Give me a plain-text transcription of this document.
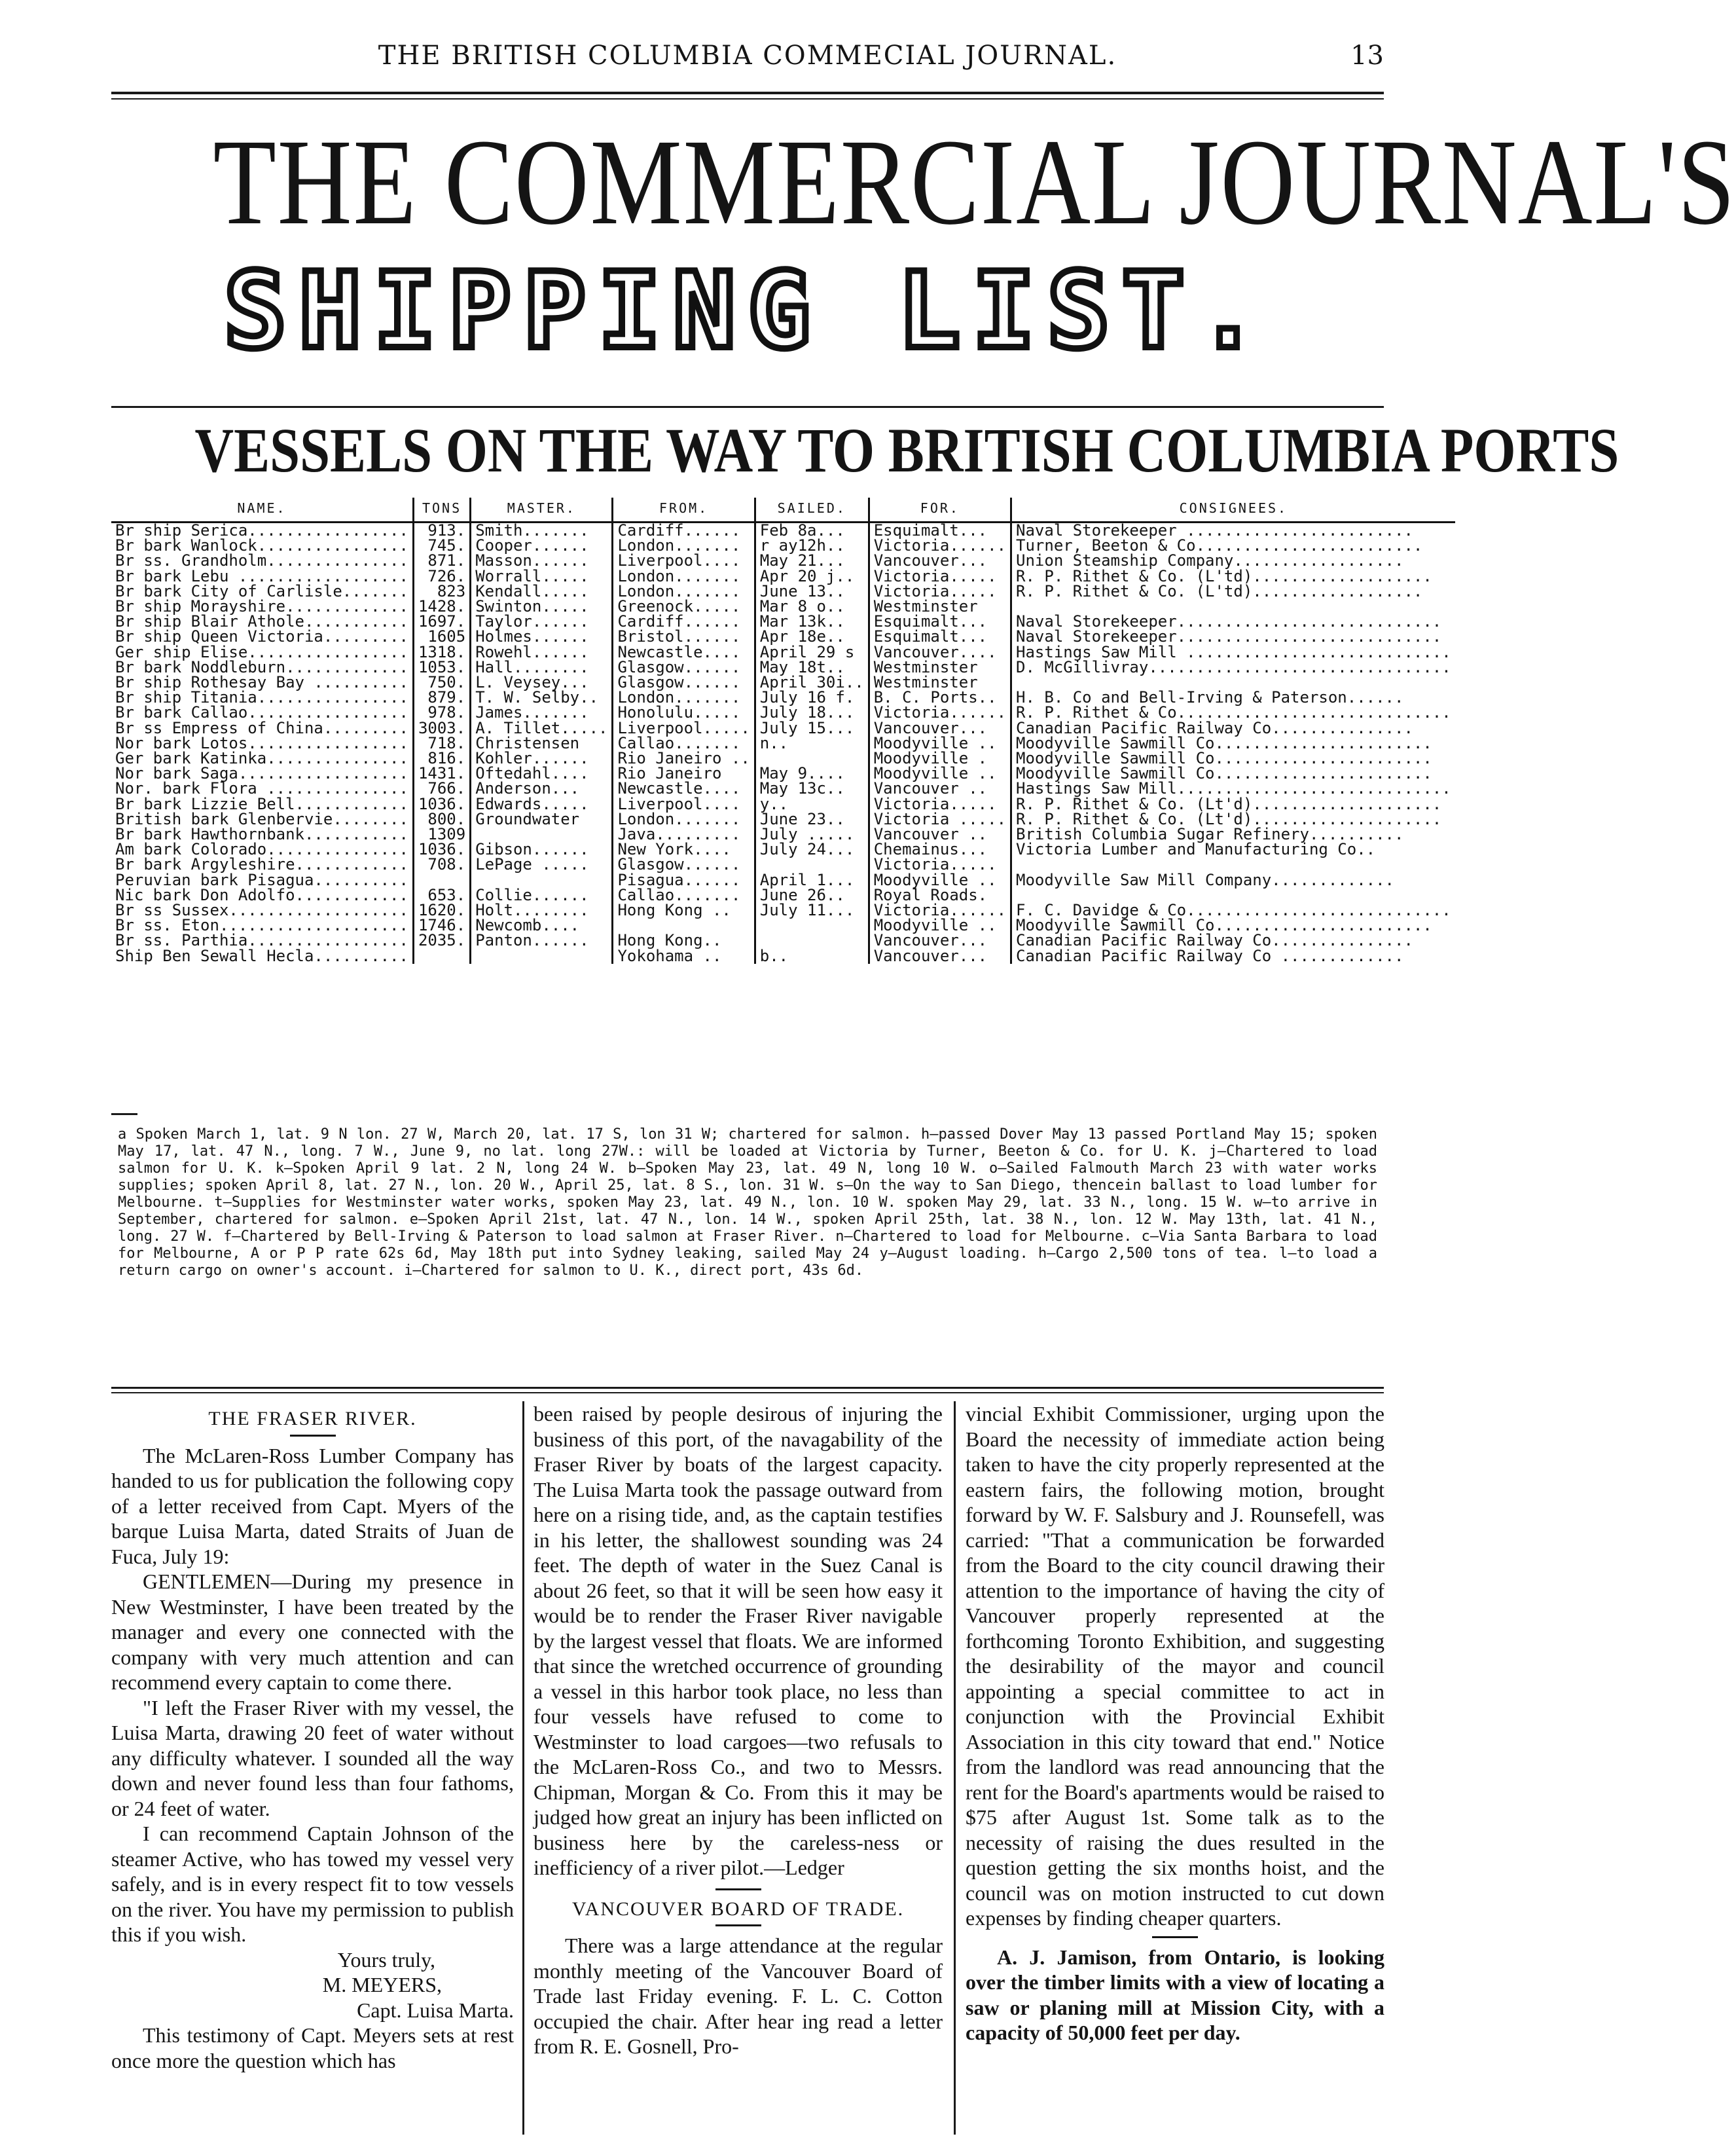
THE BRITISH COLUMBIA COMMECIAL JOURNAL.	13
THE COMMERCIAL JOURNAL'S
SHIPPING LIST.
VESSELS ON THE WAY TO BRITISH COLUMBIA PORTS
NAME.	TONS	MASTER.	FROM.	SAILED.	FOR.	CONSIGNEES.
Br ship Serica.................	913.	Smith.......	Cardiff......	Feb 8a...	Esquimalt...	Naval Storekeeper ........................
Br bark Wanlock................	745.	Cooper......	London.......	r ay12h..	Victoria......	Turner, Beeton & Co........................
Br ss. Grandholm...............	871.	Masson......	Liverpool....	May 21...	Vancouver...	Union Steamship Company..................
Br bark Lebu ..................	726.	Worrall.....	London.......	Apr 20 j..	Victoria.....	R. P. Rithet & Co. (L'td)...................
Br bark City of Carlisle.......	823	Kendall.....	London.......	June 13..	Victoria.....	R. P. Rithet & Co. (L'td)..................
Br ship Morayshire.............	1428.	Swinton.....	Greenock.....	Mar 8 o..	Westminster	
Br ship Blair Athole...........	1697.	Taylor......	Cardiff......	Mar 13k..	Esquimalt...	Naval Storekeeper............................
Br ship Queen Victoria.........	1605	Holmes......	Bristol......	Apr 18e..	Esquimalt...	Naval Storekeeper............................
Ger ship Elise.................	1318.	Rowehl......	Newcastle....	April 29 s	Vancouver....	Hastings Saw Mill ............................
Br bark Noddleburn.............	1053.	Hall........	Glasgow......	May 18t..	Westminster	D. McGillivray................................
Br ship Rothesay Bay ..........	750.	L. Veysey...	Glasgow......	April 30i..	Westminster	
Br ship Titania................	879.	T. W. Selby..	London.......	July 16 f.	B. C. Ports..	H. B. Co and Bell-Irving & Paterson......
Br bark Callao.................	978.	James.......	Honolulu.....	July 18...	Victoria......	R. P. Rithet & Co.............................
Br ss Empress of China.........	3003.	A. Tillet.....	Liverpool.....	July 15...	Vancouver...	Canadian Pacific Railway Co...............
Nor bark Lotos.................	718.	Christensen	Callao.......	n..	Moodyville ..	Moodyville Sawmill Co.......................
Ger bark Katinka...............	816.	Kohler......	Rio Janeiro ..		Moodyville .	Moodyville Sawmill Co.......................
Nor bark Saga..................	1431.	Oftedahl....	Rio Janeiro	May 9....	Moodyville ..	Moodyville Sawmill Co.......................
Nor. bark Flora ...............	766.	Anderson...	Newcastle....	May 13c..	Vancouver ..	Hastings Saw Mill.............................
Br bark Lizzie Bell............	1036.	Edwards.....	Liverpool....	y..	Victoria.....	R. P. Rithet & Co. (Lt'd)....................
British bark Glenbervie........	800.	Groundwater	London.......	June 23..	Victoria .....	R. P. Rithet & Co. (Lt'd)....................
Br bark Hawthornbank...........	1309		Java.........	July .....	Vancouver ..	British Columbia Sugar Refinery..........
Am bark Colorado...............	1036.	Gibson......	New York....	July 24...	Chemainus...	Victoria Lumber and Manufacturing Co..
Br bark Argyleshire............	708.	LePage .....	Glasgow......		Victoria.....	
Peruvian bark Pisagua..........			Pisagua......	April 1...	Moodyville ..	Moodyville Saw Mill Company.............
Nic bark Don Adolfo............	653.	Collie......	Callao.......	June 26..	Royal Roads.	
Br ss Sussex...................	1620.	Holt........	Hong Kong ..	July 11...	Victoria......	F. C. Davidge & Co............................
Br ss. Eton....................	1746.	Newcomb....			Moodyville ..	Moodyville Sawmill Co.......................
Br ss. Parthia.................	2035.	Panton......	Hong Kong..		Vancouver...	Canadian Pacific Railway Co...............
Ship Ben Sewall Hecla..........			Yokohama ..	b..	Vancouver...	Canadian Pacific Railway Co .............
a Spoken March 1, lat. 9 N lon. 27 W, March 20, lat. 17 S, lon 31 W; chartered for salmon. h—passed Dover May 13 passed Portland May 15; spoken May 17, lat. 47 N., long. 7 W., June 9, no lat. long 27W.: will be loaded at Victoria by Turner, Beeton & Co. for U. K. j—Chartered to load salmon for U. K. k—Spoken April 9 lat. 2 N, long 24 W. b—Spoken May 23, lat. 49 N, long 10 W. o—Sailed Falmouth March 23 with water works supplies; spoken April 8, lat. 27 N., lon. 20 W., April 25, lat. 8 S., lon. 31 W. s—On the way to San Diego, thencein ballast to load lumber for Melbourne. t—Supplies for Westminster water works, spoken May 23, lat. 49 N., lon. 10 W. spoken May 29, lat. 33 N., long. 15 W. w—to arrive in September, chartered for salmon. e—Spoken April 21st, lat. 47 N., lon. 14 W., spoken April 25th, lat. 38 N., lon. 12 W. May 13th, lat. 41 N., long. 27 W. f—Chartered by Bell-Irving & Paterson to load salmon at Fraser River. n—Chartered to load for Melbourne. c—Via Santa Barbara to load for Melbourne, A or P P rate 62s 6d, May 18th put into Sydney leaking, sailed May 24 y—August loading. h—Cargo 2,500 tons of tea. l—to load a return cargo on owner's account. i—Chartered for salmon to U. K., direct port, 43s 6d.
THE FRASER RIVER.

The McLaren-Ross Lumber Company has handed to us for publication the following copy of a letter received from Capt. Myers of the barque Luisa Marta, dated Straits of Juan de Fuca, July 19:

GENTLEMEN—During my presence in New Westminster, I have been treated by the manager and every one connected with the company with very much attention and can recommend every captain to come there.

"I left the Fraser River with my vessel, the Luisa Marta, drawing 20 feet of water without any difficulty whatever. I sounded all the way down and never found less than four fathoms, or 24 feet of water.

I can recommend Captain Johnson of the steamer Active, who has towed my vessel very safely, and is in every respect fit to tow vessels on the river. You have my permission to publish this if you wish.

Yours truly,
M. MEYERS,
Capt. Luisa Marta.

This testimony of Capt. Meyers sets at rest once more the question which has

been raised by people desirous of injuring the business of this port, of the navagability of the Fraser River by boats of the largest capacity. The Luisa Marta took the passage outward from here on a rising tide, and, as the captain testifies in his letter, the shallowest sounding was 24 feet. The depth of water in the Suez Canal is about 26 feet, so that it will be seen how easy it would be to render the Fraser River navigable by the largest vessel that floats. We are informed that since the wretched occurrence of grounding a vessel in this harbor took place, no less than four vessels have refused to come to Westminster to load cargoes—two refusals to the McLaren-Ross Co., and two to Messrs. Chipman, Morgan & Co. From this it may be judged how great an injury has been inflicted on business here by the careless-ness or inefficiency of a river pilot.—Ledger

VANCOUVER BOARD OF TRADE.

There was a large attendance at the regular monthly meeting of the Vancouver Board of Trade last Friday evening. F. L. C. Cotton occupied the chair. After hear ing read a letter from R. E. Gosnell, Pro-

vincial Exhibit Commissioner, urging upon the Board the necessity of immediate action being taken to have the city properly represented at the eastern fairs, the following motion, brought forward by W. F. Salsbury and J. Rounsefell, was carried: "That a communication be forwarded from the Board to the city council drawing their attention to the importance of having the city of Vancouver properly represented at the forthcoming Toronto Exhibition, and suggesting the desirability of the mayor and council appointing a special committee to act in conjunction with the Provincial Exhibit Association in this city toward that end." Notice from the landlord was read announcing that the rent for the Board's apartments would be raised to $75 after August 1st. Some talk as to the necessity of raising the dues resulted in the question getting the six months hoist, and the council was on motion instructed to cut down expenses by finding cheaper quarters.

A. J. Jamison, from Ontario, is looking over the timber limits with a view of locating a saw or planing mill at Mission City, with a capacity of 50,000 feet per day.
